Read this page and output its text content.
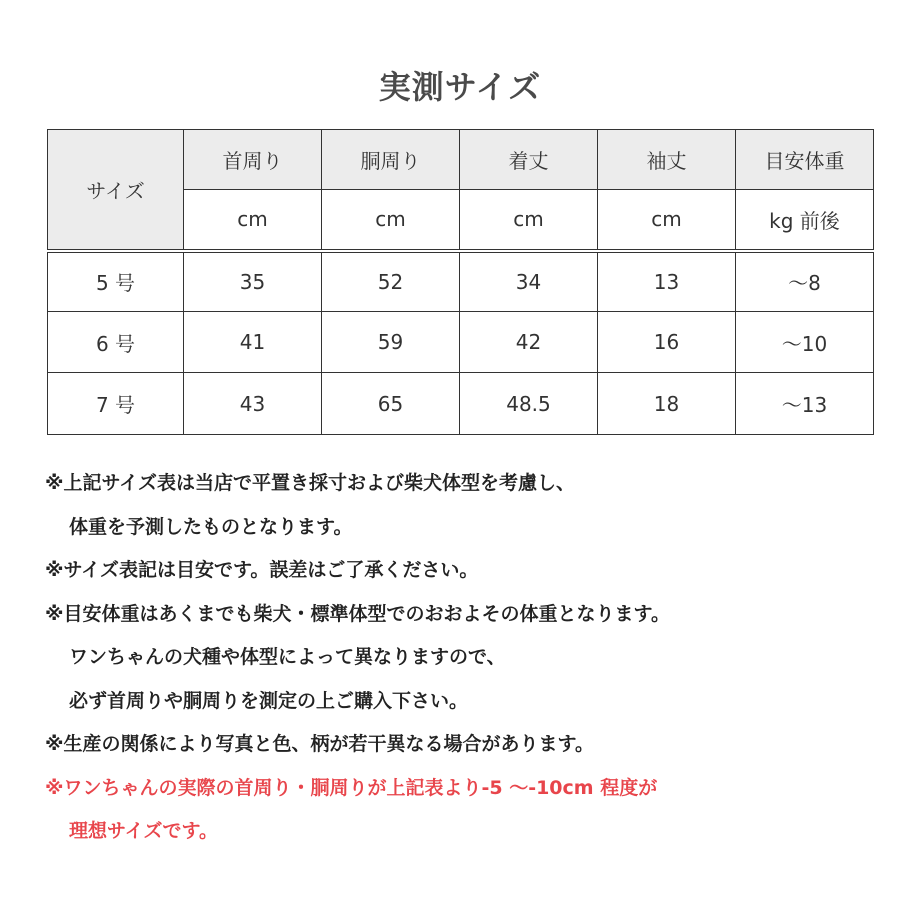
実測サイズ
サイズ	首周り	胴周り	着丈	袖丈	目安体重
	cm	cm	cm	cm	kg 前後

5 号	35	52	34	13	～8
6 号	41	59	42	16	～10
7 号	43	65	48.5	18	～13
※上記サイズ表は当店で平置き採寸および柴犬体型を考慮し、
体重を予測したものとなります。
※サイズ表記は目安です。誤差はご了承ください。
※目安体重はあくまでも柴犬・標準体型でのおおよその体重となります。
ワンちゃんの犬種や体型によって異なりますので、
必ず首周りや胴周りを測定の上ご購入下さい。
※生産の関係により写真と色、柄が若干異なる場合があります。
※ワンちゃんの実際の首周り・胴周りが上記表より-5 ～-10cm 程度が
理想サイズです。
